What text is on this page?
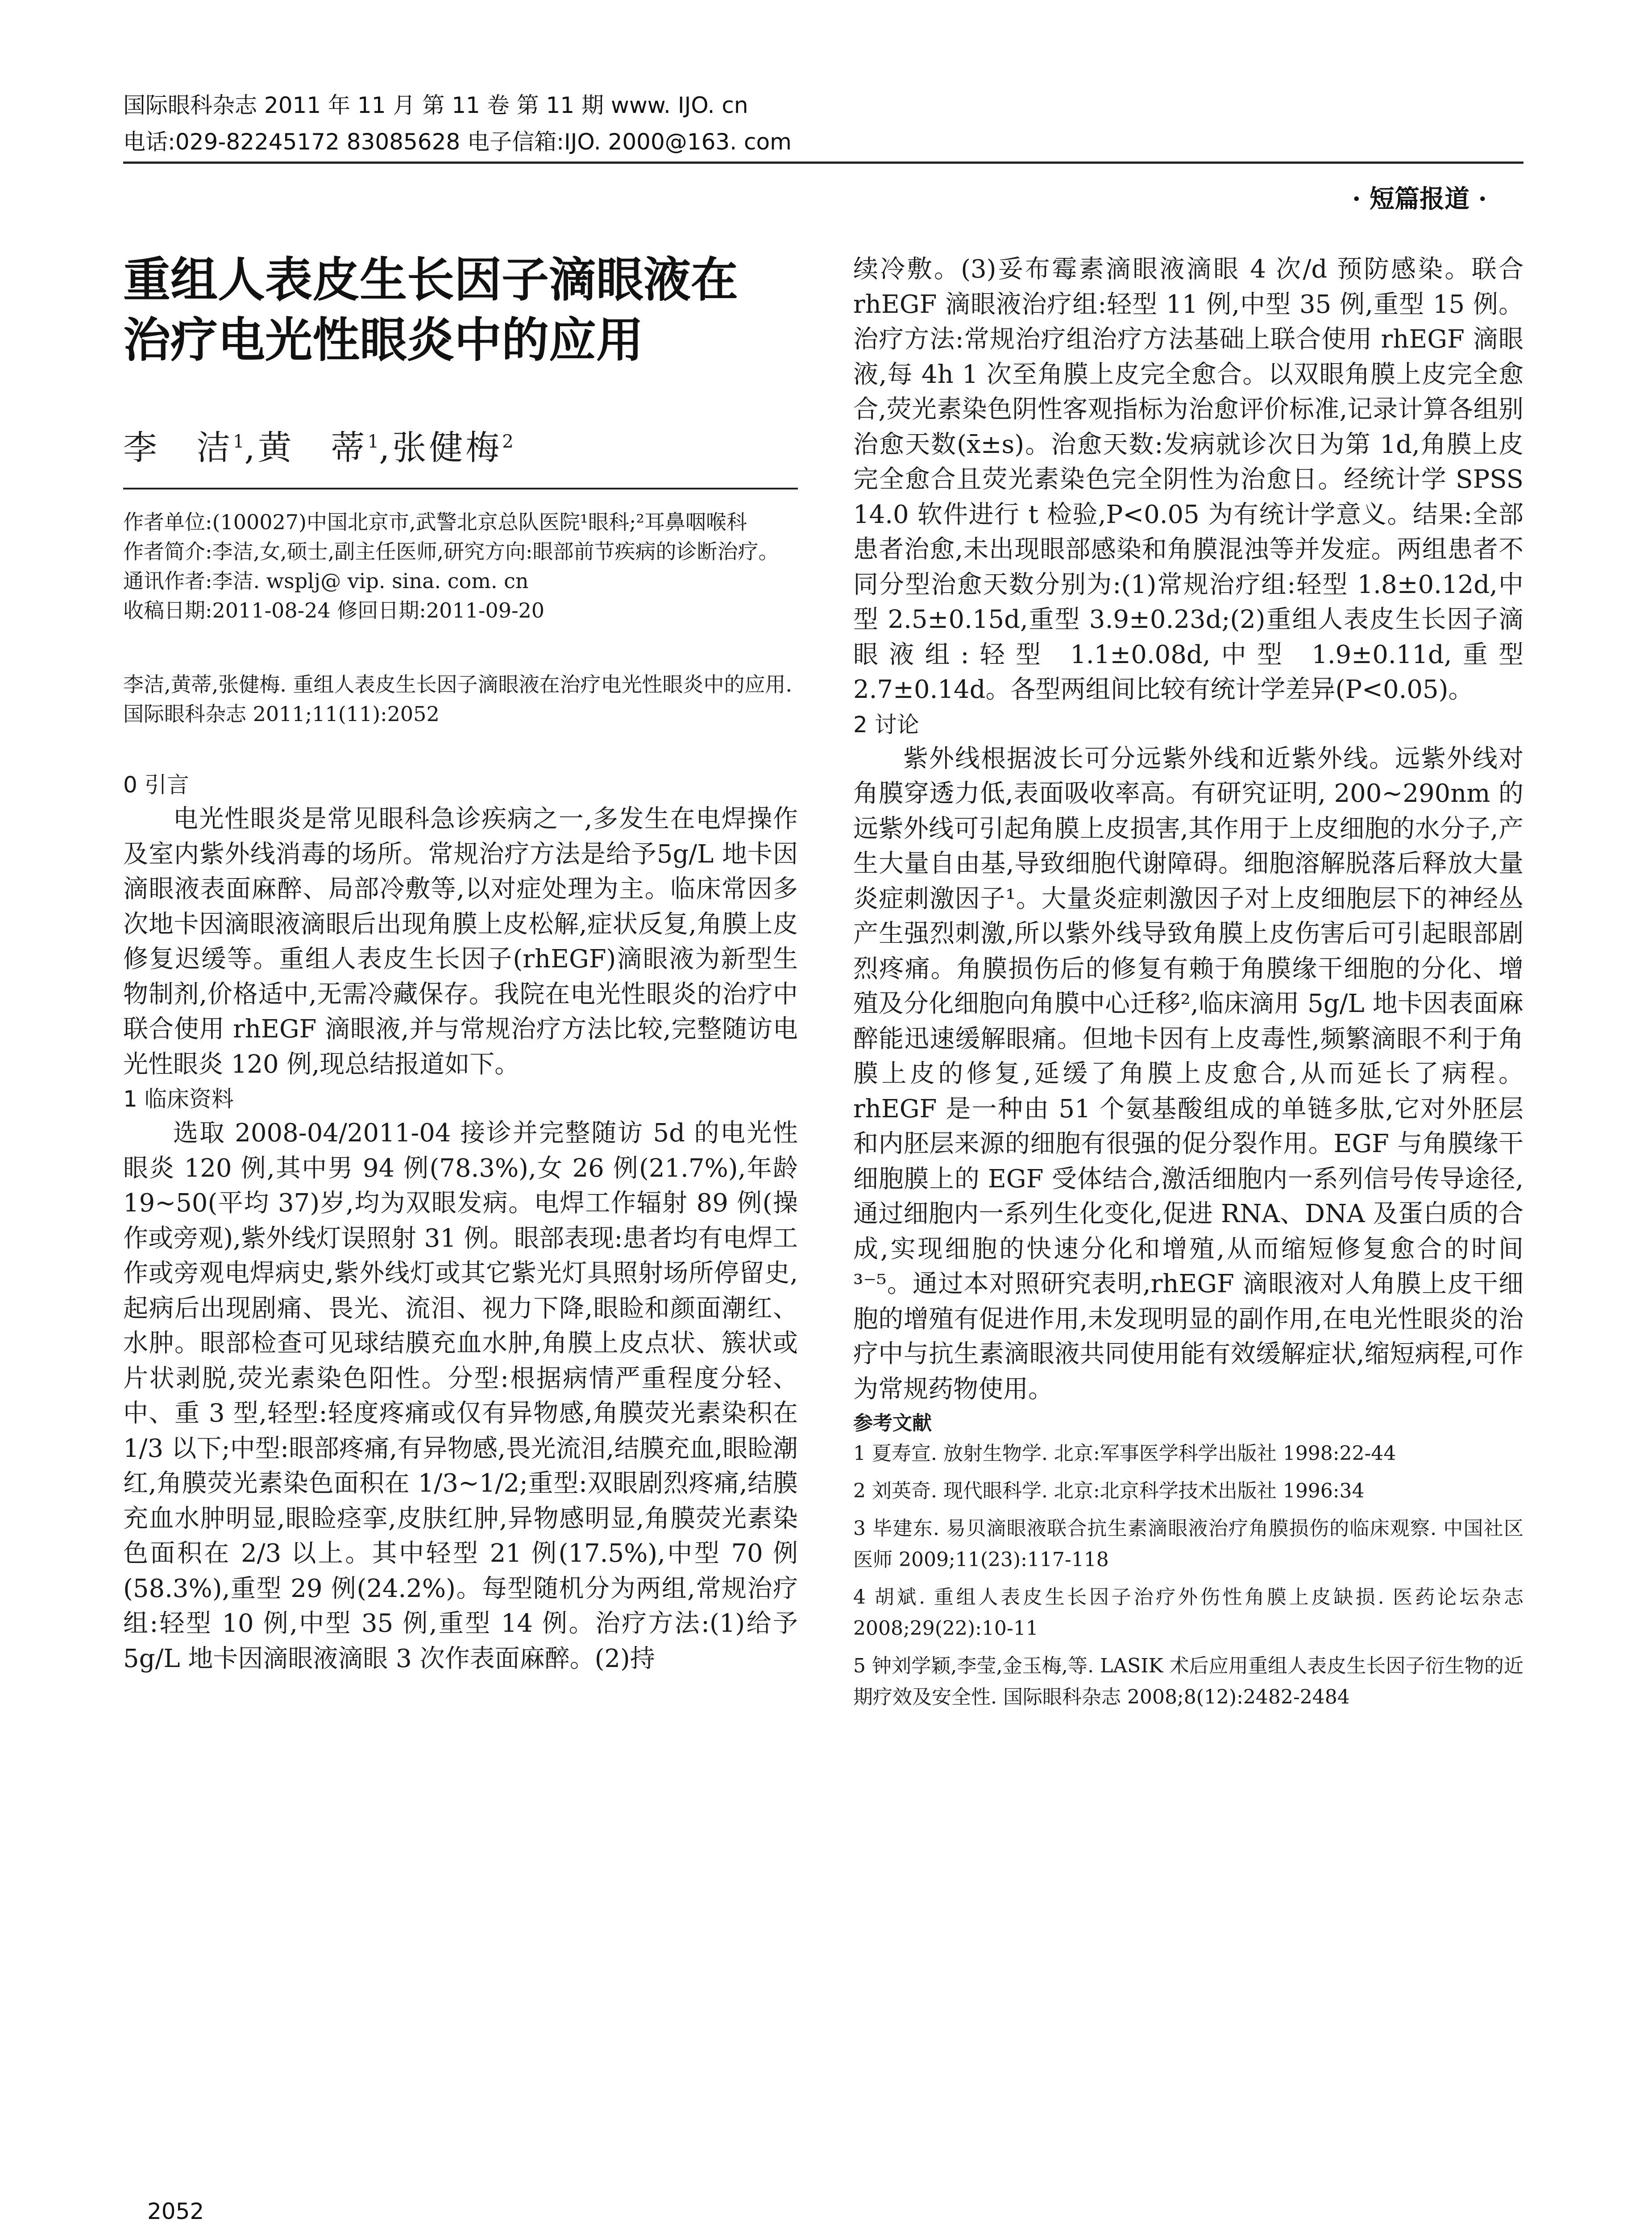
国际眼科杂志 2011 年 11 月 第 11 卷 第 11 期 www. IJO. cn
电话:029-82245172 83085628 电子信箱:IJO. 2000@163. com
· 短篇报道 ·
重组人表皮生长因子滴眼液在
治疗电光性眼炎中的应用
李　洁$^1$,黄　蒂$^1$,张健梅$^2$
作者单位:(100027)中国北京市,武警北京总队医院¹眼科;²耳鼻咽喉科
作者简介:李洁,女,硕士,副主任医师,研究方向:眼部前节疾病的诊断治疗。
通讯作者:李洁. wsplj@ vip. sina. com. cn
收稿日期:2011-08-24 修回日期:2011-09-20
李洁,黄蒂,张健梅. 重组人表皮生长因子滴眼液在治疗电光性眼炎中的应用. 国际眼科杂志 2011;11(11):2052
0 引言

电光性眼炎是常见眼科急诊疾病之一,多发生在电焊操作及室内紫外线消毒的场所。常规治疗方法是给予5g/L 地卡因滴眼液表面麻醉、局部冷敷等,以对症处理为主。临床常因多次地卡因滴眼液滴眼后出现角膜上皮松解,症状反复,角膜上皮修复迟缓等。重组人表皮生长因子(rhEGF)滴眼液为新型生物制剂,价格适中,无需冷藏保存。我院在电光性眼炎的治疗中联合使用 rhEGF 滴眼液,并与常规治疗方法比较,完整随访电光性眼炎 120 例,现总结报道如下。

1 临床资料

选取 2008-04/2011-04 接诊并完整随访 5d 的电光性眼炎 120 例,其中男 94 例(78.3%),女 26 例(21.7%),年龄 19~50(平均 37)岁,均为双眼发病。电焊工作辐射 89 例(操作或旁观),紫外线灯误照射 31 例。眼部表现:患者均有电焊工作或旁观电焊病史,紫外线灯或其它紫光灯具照射场所停留史,起病后出现剧痛、畏光、流泪、视力下降,眼睑和颜面潮红、水肿。眼部检查可见球结膜充血水肿,角膜上皮点状、簇状或片状剥脱,荧光素染色阳性。分型:根据病情严重程度分轻、中、重 3 型,轻型:轻度疼痛或仅有异物感,角膜荧光素染积在 1/3 以下;中型:眼部疼痛,有异物感,畏光流泪,结膜充血,眼睑潮红,角膜荧光素染色面积在 1/3~1/2;重型:双眼剧烈疼痛,结膜充血水肿明显,眼睑痉挛,皮肤红肿,异物感明显,角膜荧光素染色面积在 2/3 以上。其中轻型 21 例(17.5%),中型 70 例(58.3%),重型 29 例(24.2%)。每型随机分为两组,常规治疗组:轻型 10 例,中型 35 例,重型 14 例。治疗方法:(1)给予 5g/L 地卡因滴眼液滴眼 3 次作表面麻醉。(2)持

续冷敷。(3)妥布霉素滴眼液滴眼 4 次/d 预防感染。联合 rhEGF 滴眼液治疗组:轻型 11 例,中型 35 例,重型 15 例。治疗方法:常规治疗组治疗方法基础上联合使用 rhEGF 滴眼液,每 4h 1 次至角膜上皮完全愈合。以双眼角膜上皮完全愈合,荧光素染色阴性客观指标为治愈评价标准,记录计算各组别治愈天数(x̄±s)。治愈天数:发病就诊次日为第 1d,角膜上皮完全愈合且荧光素染色完全阴性为治愈日。经统计学 SPSS 14.0 软件进行 t 检验,P<0.05 为有统计学意义。结果:全部患者治愈,未出现眼部感染和角膜混浊等并发症。两组患者不同分型治愈天数分别为:(1)常规治疗组:轻型 1.8±0.12d,中型 2.5±0.15d,重型 3.9±0.23d;(2)重组人表皮生长因子滴眼液组:轻型 1.1±0.08d,中型 1.9±0.11d,重型 2.7±0.14d。各型两组间比较有统计学差异(P<0.05)。

2 讨论

紫外线根据波长可分远紫外线和近紫外线。远紫外线对角膜穿透力低,表面吸收率高。有研究证明, 200~290nm 的远紫外线可引起角膜上皮损害,其作用于上皮细胞的水分子,产生大量自由基,导致细胞代谢障碍。细胞溶解脱落后释放大量炎症刺激因子¹。大量炎症刺激因子对上皮细胞层下的神经丛产生强烈刺激,所以紫外线导致角膜上皮伤害后可引起眼部剧烈疼痛。角膜损伤后的修复有赖于角膜缘干细胞的分化、增殖及分化细胞向角膜中心迁移²,临床滴用 5g/L 地卡因表面麻醉能迅速缓解眼痛。但地卡因有上皮毒性,频繁滴眼不利于角膜上皮的修复,延缓了角膜上皮愈合,从而延长了病程。rhEGF 是一种由 51 个氨基酸组成的单链多肽,它对外胚层和内胚层来源的细胞有很强的促分裂作用。EGF 与角膜缘干细胞膜上的 EGF 受体结合,激活细胞内一系列信号传导途径,通过细胞内一系列生化变化,促进 RNA、DNA 及蛋白质的合成,实现细胞的快速分化和增殖,从而缩短修复愈合的时间³⁻⁵。通过本对照研究表明,rhEGF 滴眼液对人角膜上皮干细胞的增殖有促进作用,未发现明显的副作用,在电光性眼炎的治疗中与抗生素滴眼液共同使用能有效缓解症状,缩短病程,可作为常规药物使用。

参考文献
1 夏寿宣. 放射生物学. 北京:军事医学科学出版社 1998:22-44
2 刘英奇. 现代眼科学. 北京:北京科学技术出版社 1996:34
3 毕建东. 易贝滴眼液联合抗生素滴眼液治疗角膜损伤的临床观察. 中国社区医师 2009;11(23):117-118
4 胡斌. 重组人表皮生长因子治疗外伤性角膜上皮缺损. 医药论坛杂志 2008;29(22):10-11
5 钟刘学颖,李莹,金玉梅,等. LASIK 术后应用重组人表皮生长因子衍生物的近期疗效及安全性. 国际眼科杂志 2008;8(12):2482-2484
2052
